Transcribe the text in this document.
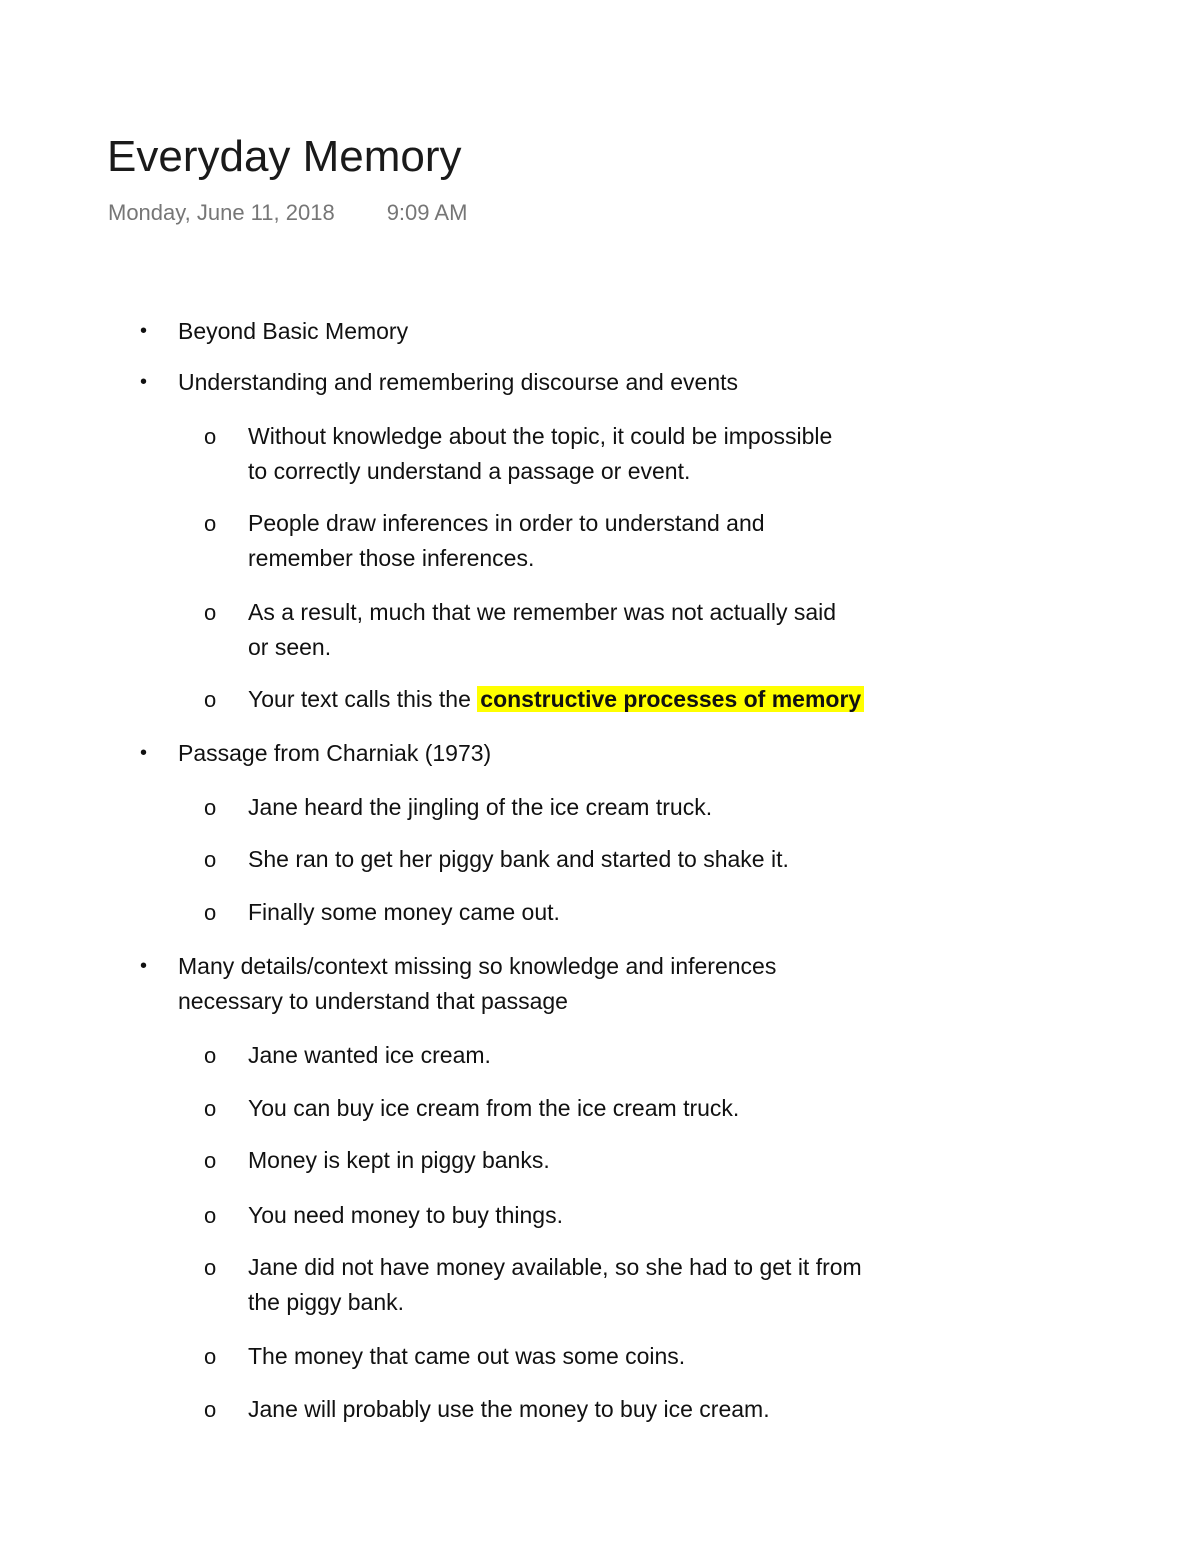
Everyday Memory
Monday, June 11, 2018 9:09 AM
• Beyond Basic Memory
• Understanding and remembering discourse and events
o Without knowledge about the topic, it could be impossible
to correctly understand a passage or event.
o People draw inferences in order to understand and
remember those inferences.
o As a result, much that we remember was not actually said
or seen.
o Your text calls this the constructive processes of memory
• Passage from Charniak (1973)
o Jane heard the jingling of the ice cream truck.
o She ran to get her piggy bank and started to shake it.
o Finally some money came out.
• Many details/context missing so knowledge and inferences
necessary to understand that passage
o Jane wanted ice cream.
o You can buy ice cream from the ice cream truck.
o Money is kept in piggy banks.
o You need money to buy things.
o Jane did not have money available, so she had to get it from
the piggy bank.
o The money that came out was some coins.
o Jane will probably use the money to buy ice cream.
